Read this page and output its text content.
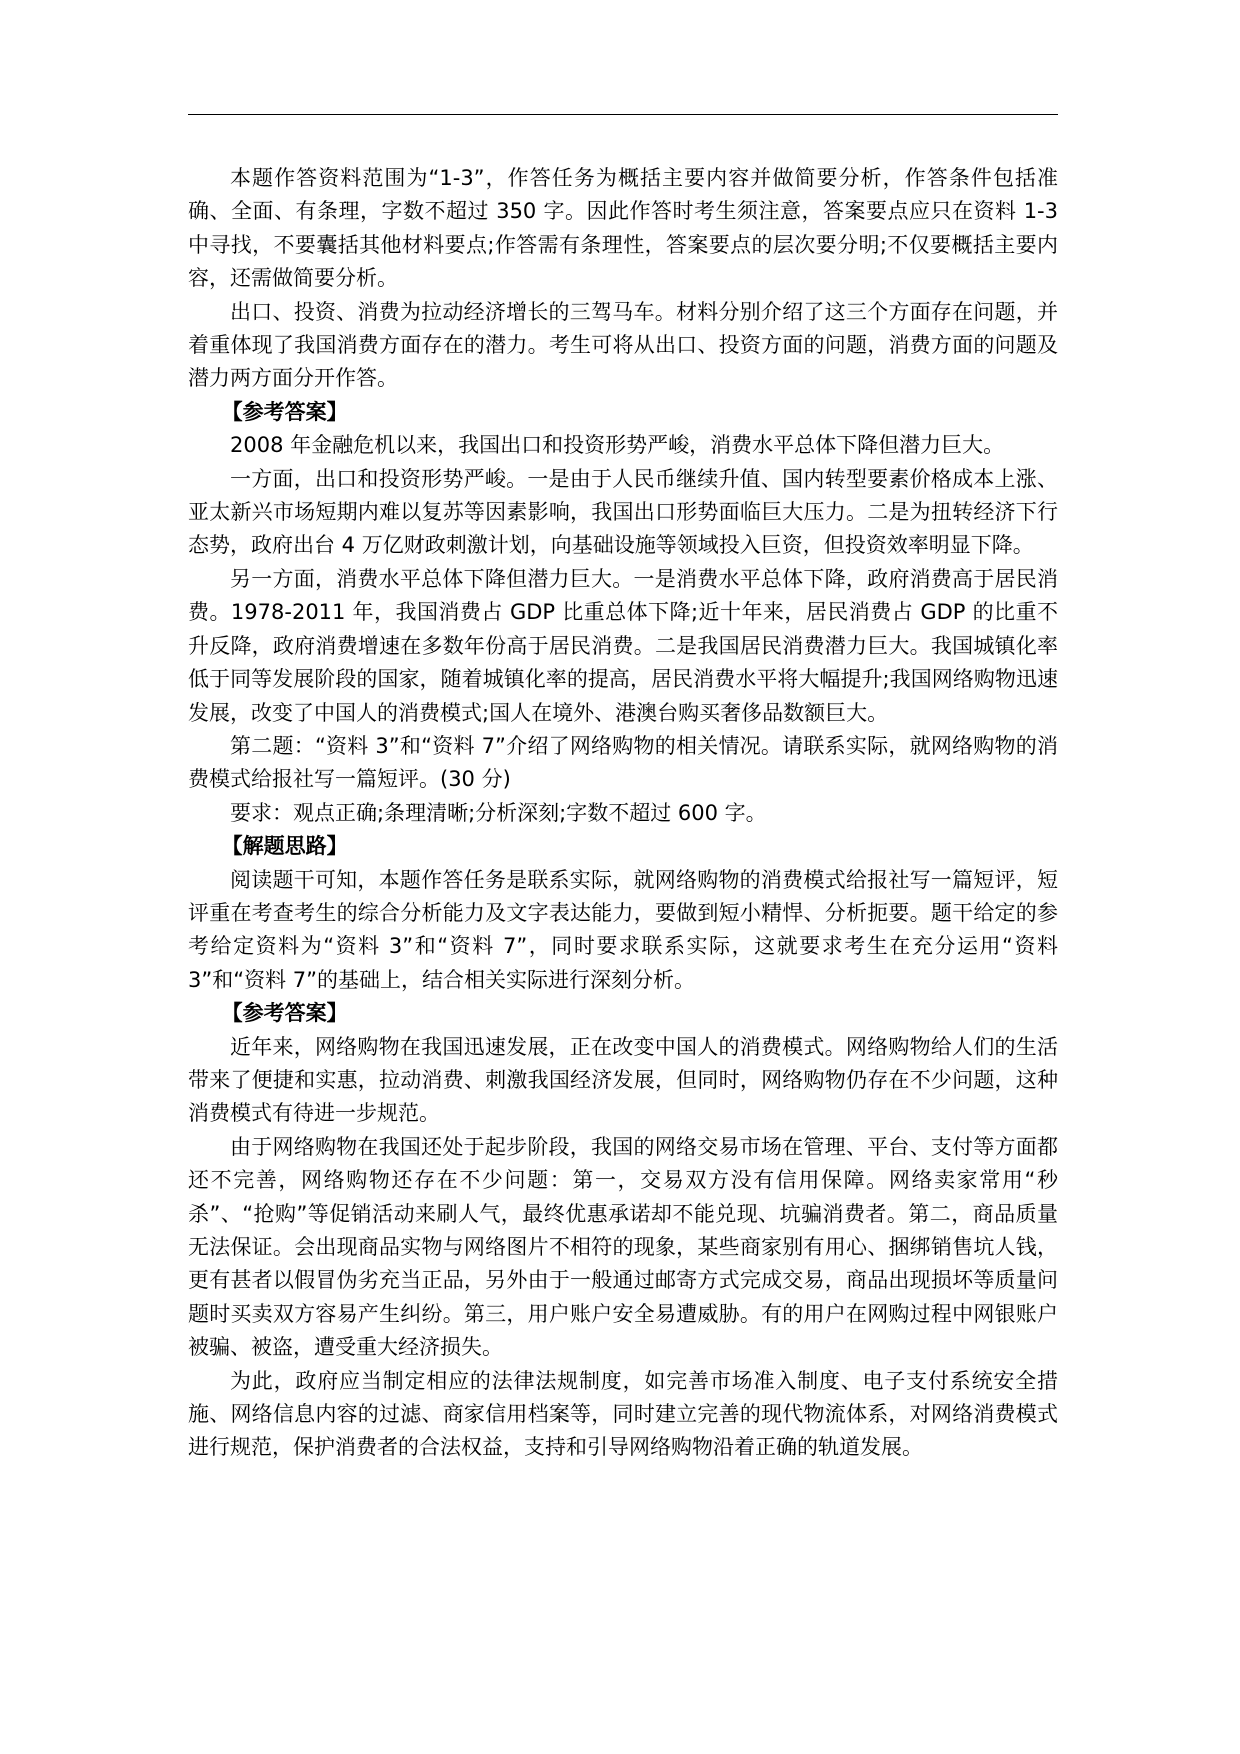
本题作答资料范围为“1-3”，作答任务为概括主要内容并做简要分析，作答条件包括准确、全面、有条理，字数不超过 350 字。因此作答时考生须注意，答案要点应只在资料 1-3 中寻找，不要囊括其他材料要点;作答需有条理性，答案要点的层次要分明;不仅要概括主要内容，还需做简要分析。

出口、投资、消费为拉动经济增长的三驾马车。材料分别介绍了这三个方面存在问题，并着重体现了我国消费方面存在的潜力。考生可将从出口、投资方面的问题，消费方面的问题及潜力两方面分开作答。

【参考答案】

2008 年金融危机以来，我国出口和投资形势严峻，消费水平总体下降但潜力巨大。

一方面，出口和投资形势严峻。一是由于人民币继续升值、国内转型要素价格成本上涨、亚太新兴市场短期内难以复苏等因素影响，我国出口形势面临巨大压力。二是为扭转经济下行态势，政府出台 4 万亿财政刺激计划，向基础设施等领域投入巨资，但投资效率明显下降。

另一方面，消费水平总体下降但潜力巨大。一是消费水平总体下降，政府消费高于居民消费。1978-2011 年，我国消费占 GDP 比重总体下降;近十年来，居民消费占 GDP 的比重不升反降，政府消费增速在多数年份高于居民消费。二是我国居民消费潜力巨大。我国城镇化率低于同等发展阶段的国家，随着城镇化率的提高，居民消费水平将大幅提升;我国网络购物迅速发展，改变了中国人的消费模式;国人在境外、港澳台购买奢侈品数额巨大。

第二题：“资料 3”和“资料 7”介绍了网络购物的相关情况。请联系实际，就网络购物的消费模式给报社写一篇短评。(30 分)

要求：观点正确;条理清晰;分析深刻;字数不超过 600 字。

【解题思路】

阅读题干可知，本题作答任务是联系实际，就网络购物的消费模式给报社写一篇短评，短评重在考查考生的综合分析能力及文字表达能力，要做到短小精悍、分析扼要。题干给定的参考给定资料为“资料 3”和“资料 7”，同时要求联系实际，这就要求考生在充分运用“资料 3”和“资料 7”的基础上，结合相关实际进行深刻分析。

【参考答案】

近年来，网络购物在我国迅速发展，正在改变中国人的消费模式。网络购物给人们的生活带来了便捷和实惠，拉动消费、刺激我国经济发展，但同时，网络购物仍存在不少问题，这种消费模式有待进一步规范。

由于网络购物在我国还处于起步阶段，我国的网络交易市场在管理、平台、支付等方面都还不完善，网络购物还存在不少问题：第一，交易双方没有信用保障。网络卖家常用“秒杀”、“抢购”等促销活动来刷人气，最终优惠承诺却不能兑现、坑骗消费者。第二，商品质量无法保证。会出现商品实物与网络图片不相符的现象，某些商家别有用心、捆绑销售坑人钱，更有甚者以假冒伪劣充当正品，另外由于一般通过邮寄方式完成交易，商品出现损坏等质量问题时买卖双方容易产生纠纷。第三，用户账户安全易遭威胁。有的用户在网购过程中网银账户被骗、被盗，遭受重大经济损失。

为此，政府应当制定相应的法律法规制度，如完善市场准入制度、电子支付系统安全措施、网络信息内容的过滤、商家信用档案等，同时建立完善的现代物流体系，对网络消费模式进行规范，保护消费者的合法权益，支持和引导网络购物沿着正确的轨道发展。
